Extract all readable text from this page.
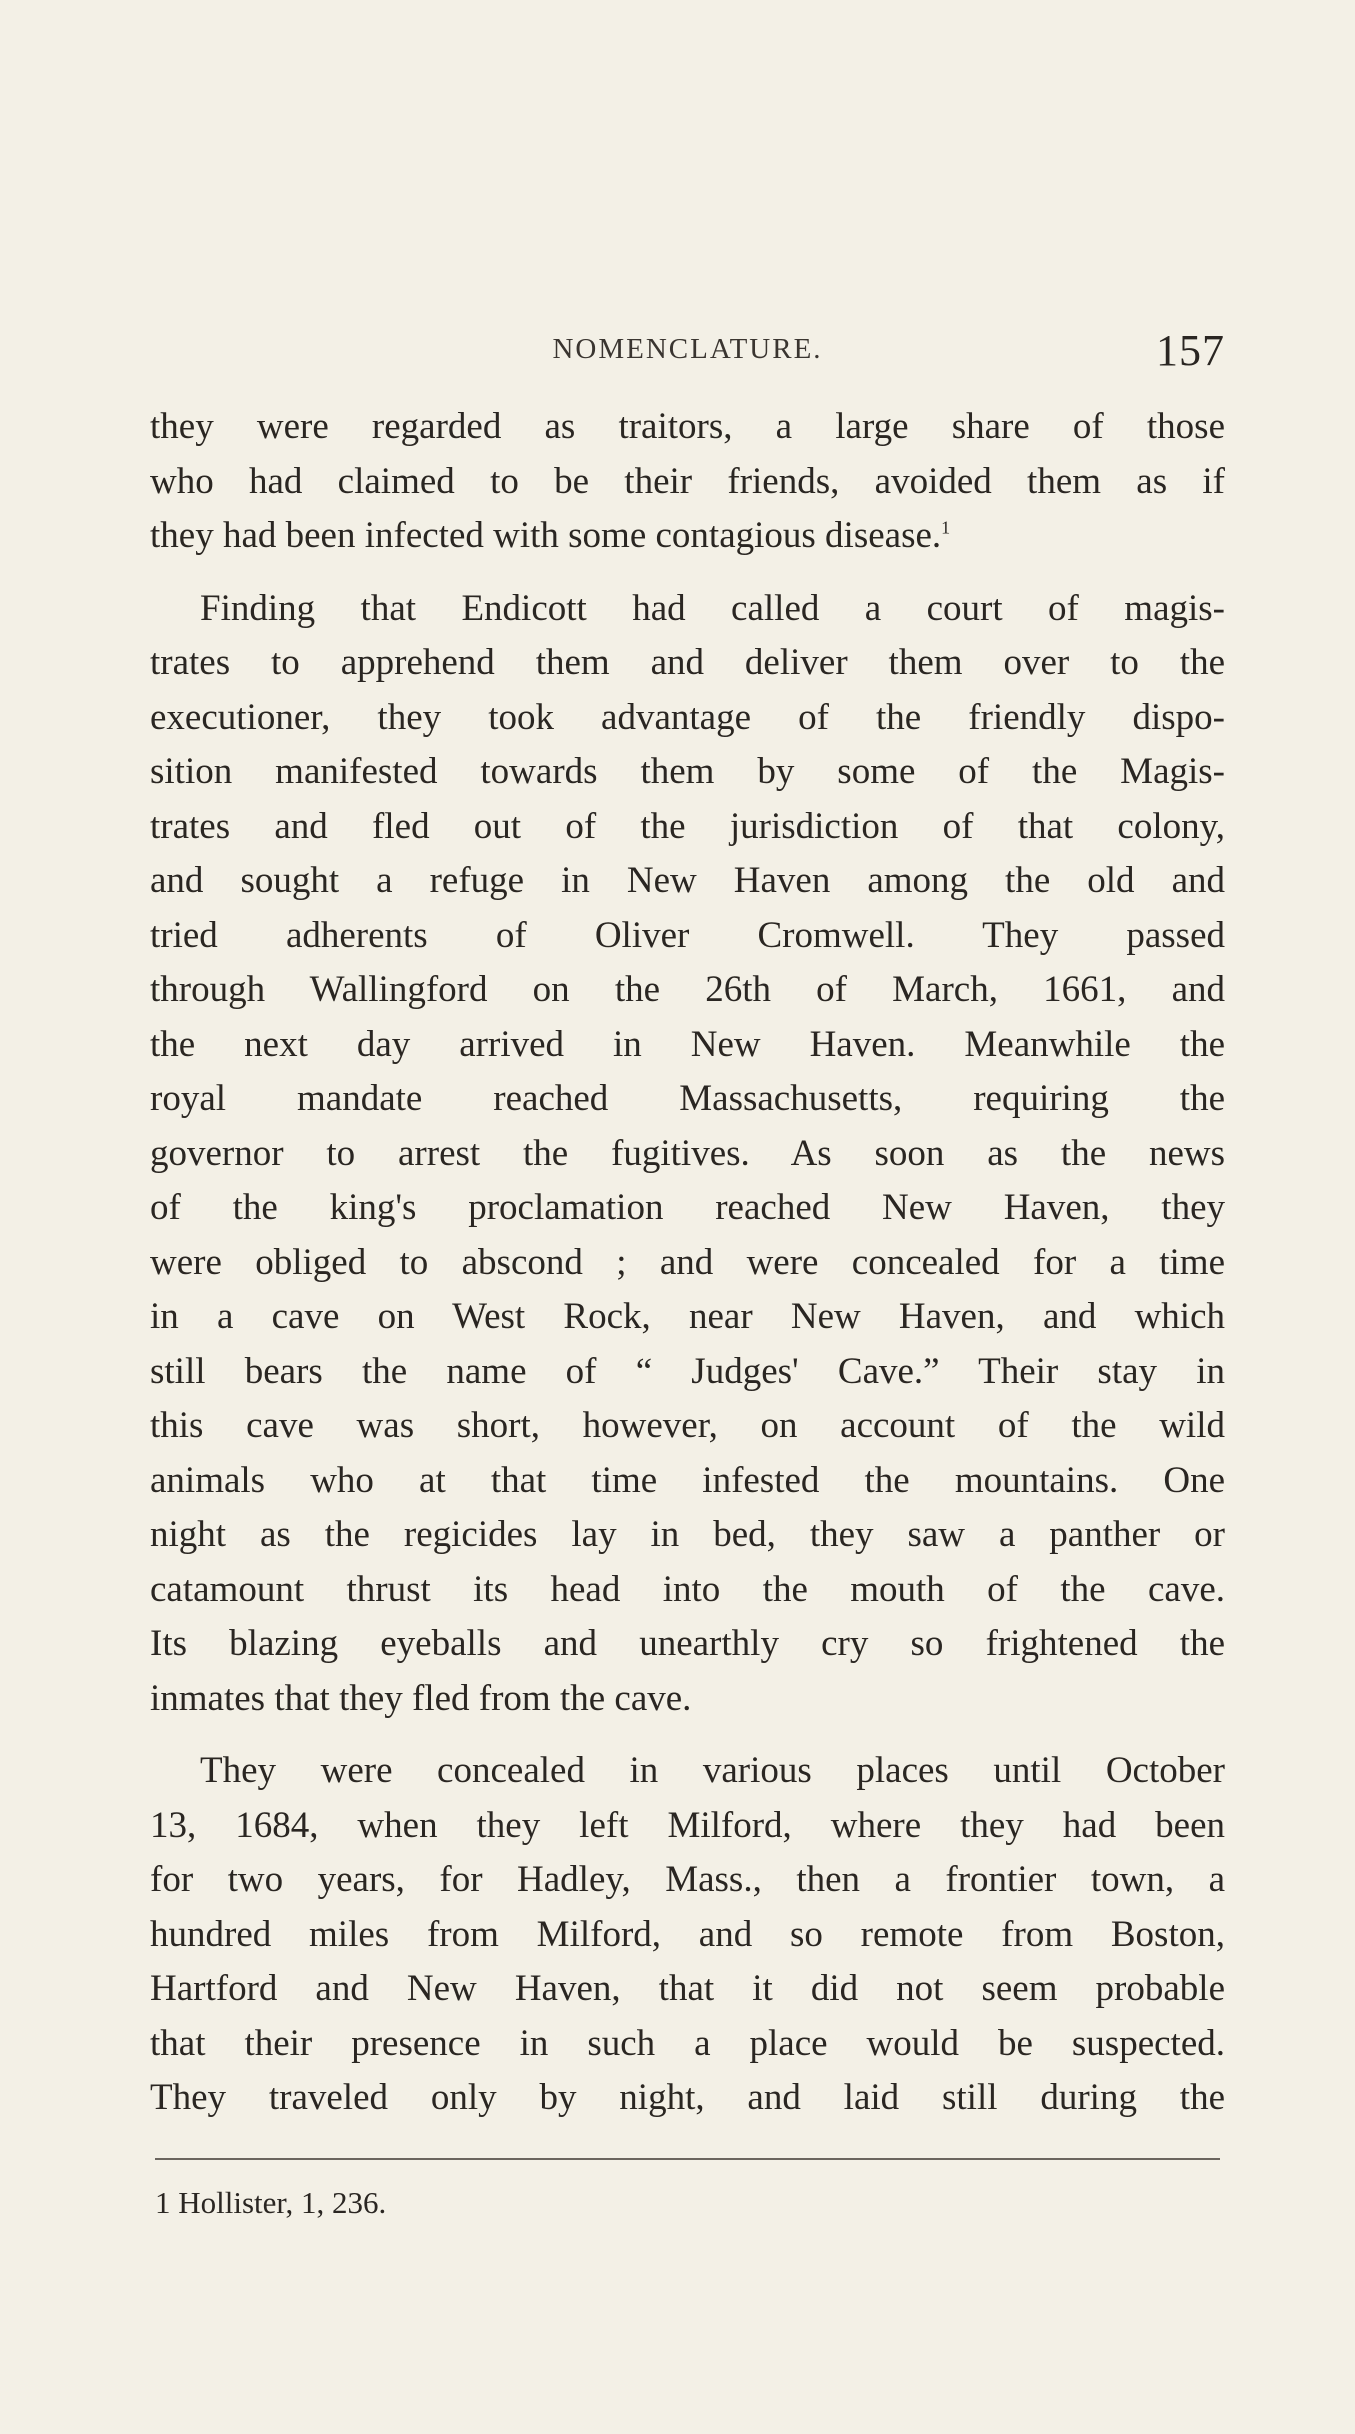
NOMENCLATURE.	157

they were regarded as traitors, a large share of those
who had claimed to be their friends, avoided them as if
they had been infected with some contagious disease.$^1$

Finding that Endicott had called a court of magis-
trates to apprehend them and deliver them over to the
executioner, they took advantage of the friendly dispo-
sition manifested towards them by some of the Magis-
trates and fled out of the jurisdiction of that colony,
and sought a refuge in New Haven among the old and
tried adherents of Oliver Cromwell. They passed
through Wallingford on the 26th of March, 1661, and
the next day arrived in New Haven. Meanwhile the
royal mandate reached Massachusetts, requiring the
governor to arrest the fugitives. As soon as the news
of the king's proclamation reached New Haven, they
were obliged to abscond ; and were concealed for a time
in a cave on West Rock, near New Haven, and which
still bears the name of “ Judges' Cave.” Their stay in
this cave was short, however, on account of the wild
animals who at that time infested the mountains. One
night as the regicides lay in bed, they saw a panther or
catamount thrust its head into the mouth of the cave.
Its blazing eyeballs and unearthly cry so frightened the
inmates that they fled from the cave.

They were concealed in various places until October
13, 1684, when they left Milford, where they had been
for two years, for Hadley, Mass., then a frontier town, a
hundred miles from Milford, and so remote from Boston,
Hartford and New Haven, that it did not seem probable
that their presence in such a place would be suspected.
They traveled only by night, and laid still during the

1 Hollister, 1, 236.
